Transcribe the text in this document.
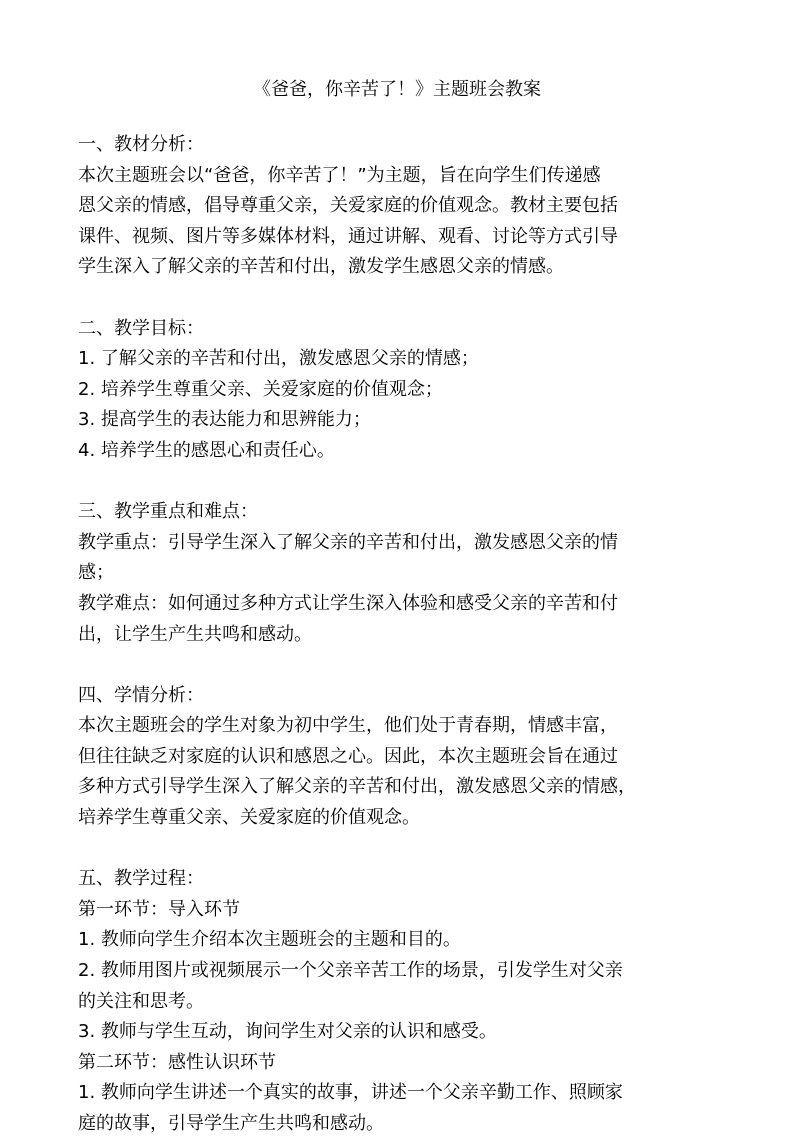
《爸爸，你辛苦了！》主题班会教案
一、教材分析：
本次主题班会以“爸爸，你辛苦了！”为主题，旨在向学生们传递感
恩父亲的情感，倡导尊重父亲，关爱家庭的价值观念。教材主要包括
课件、视频、图片等多媒体材料，通过讲解、观看、讨论等方式引导
学生深入了解父亲的辛苦和付出，激发学生感恩父亲的情感。
二、教学目标：
1. 了解父亲的辛苦和付出，激发感恩父亲的情感；
2. 培养学生尊重父亲、关爱家庭的价值观念；
3. 提高学生的表达能力和思辨能力；
4. 培养学生的感恩心和责任心。
三、教学重点和难点：
教学重点：引导学生深入了解父亲的辛苦和付出，激发感恩父亲的情
感；
教学难点：如何通过多种方式让学生深入体验和感受父亲的辛苦和付
出，让学生产生共鸣和感动。
四、学情分析：
本次主题班会的学生对象为初中学生，他们处于青春期，情感丰富，
但往往缺乏对家庭的认识和感恩之心。因此，本次主题班会旨在通过
多种方式引导学生深入了解父亲的辛苦和付出，激发感恩父亲的情感，
培养学生尊重父亲、关爱家庭的价值观念。
五、教学过程：
第一环节：导入环节
1. 教师向学生介绍本次主题班会的主题和目的。
2. 教师用图片或视频展示一个父亲辛苦工作的场景，引发学生对父亲
的关注和思考。
3. 教师与学生互动，询问学生对父亲的认识和感受。
第二环节：感性认识环节
1. 教师向学生讲述一个真实的故事，讲述一个父亲辛勤工作、照顾家
庭的故事，引导学生产生共鸣和感动。
